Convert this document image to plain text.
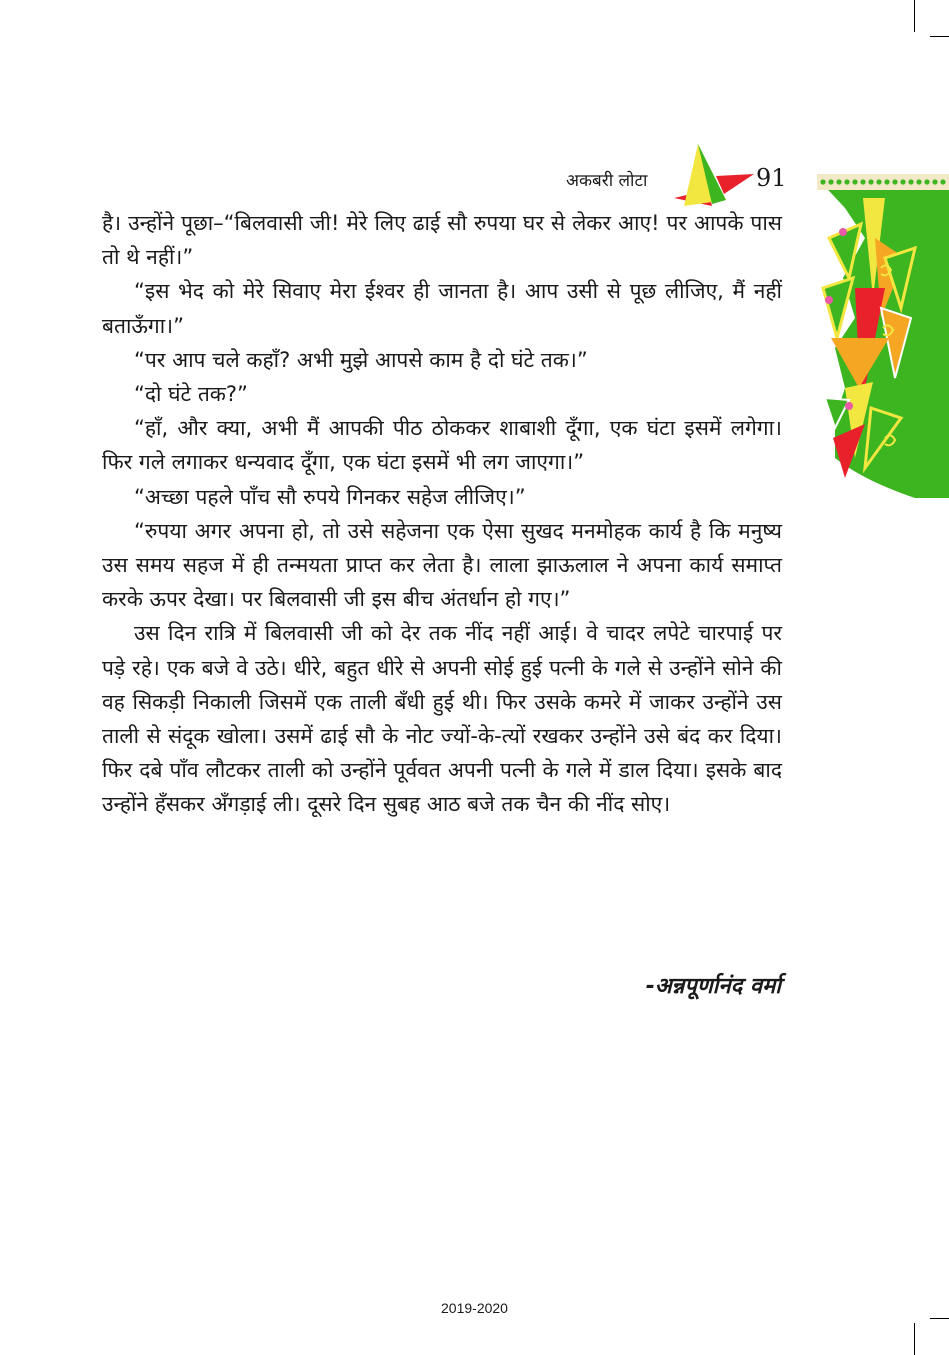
अकबरी लोटा	91

है। उन्होंने पूछा–“बिलवासी जी! मेरे लिए ढाई सौ रुपया घर से लेकर आए! पर आपके पास तो थे नहीं।”

“इस भेद को मेरे सिवाए मेरा ईश्वर ही जानता है। आप उसी से पूछ लीजिए, मैं नहीं बताऊँगा।”

“पर आप चले कहाँ? अभी मुझे आपसे काम है दो घंटे तक।”

“दो घंटे तक?”

“हाँ, और क्या, अभी मैं आपकी पीठ ठोककर शाबाशी दूँगा, एक घंटा इसमें लगेगा। फिर गले लगाकर धन्यवाद दूँगा, एक घंटा इसमें भी लग जाएगा।”

“अच्छा पहले पाँच सौ रुपये गिनकर सहेज लीजिए।”

“रुपया अगर अपना हो, तो उसे सहेजना एक ऐसा सुखद मनमोहक कार्य है कि मनुष्य उस समय सहज में ही तन्मयता प्राप्त कर लेता है। लाला झाऊलाल ने अपना कार्य समाप्त करके ऊपर देखा। पर बिलवासी जी इस बीच अंतर्धान हो गए।”

उस दिन रात्रि में बिलवासी जी को देर तक नींद नहीं आई। वे चादर लपेटे चारपाई पर पड़े रहे। एक बजे वे उठे। धीरे, बहुत धीरे से अपनी सोई हुई पत्नी के गले से उन्होंने सोने की वह सिकड़ी निकाली जिसमें एक ताली बँधी हुई थी। फिर उसके कमरे में जाकर उन्होंने उस ताली से संदूक खोला। उसमें ढाई सौ के नोट ज्यों-के-त्यों रखकर उन्होंने उसे बंद कर दिया। फिर दबे पाँव लौटकर ताली को उन्होंने पूर्ववत अपनी पत्नी के गले में डाल दिया। इसके बाद उन्होंने हँसकर अँगड़ाई ली। दूसरे दिन सुबह आठ बजे तक चैन की नींद सोए।

-अन्नपूर्णानंद वर्मा
2019-2020
